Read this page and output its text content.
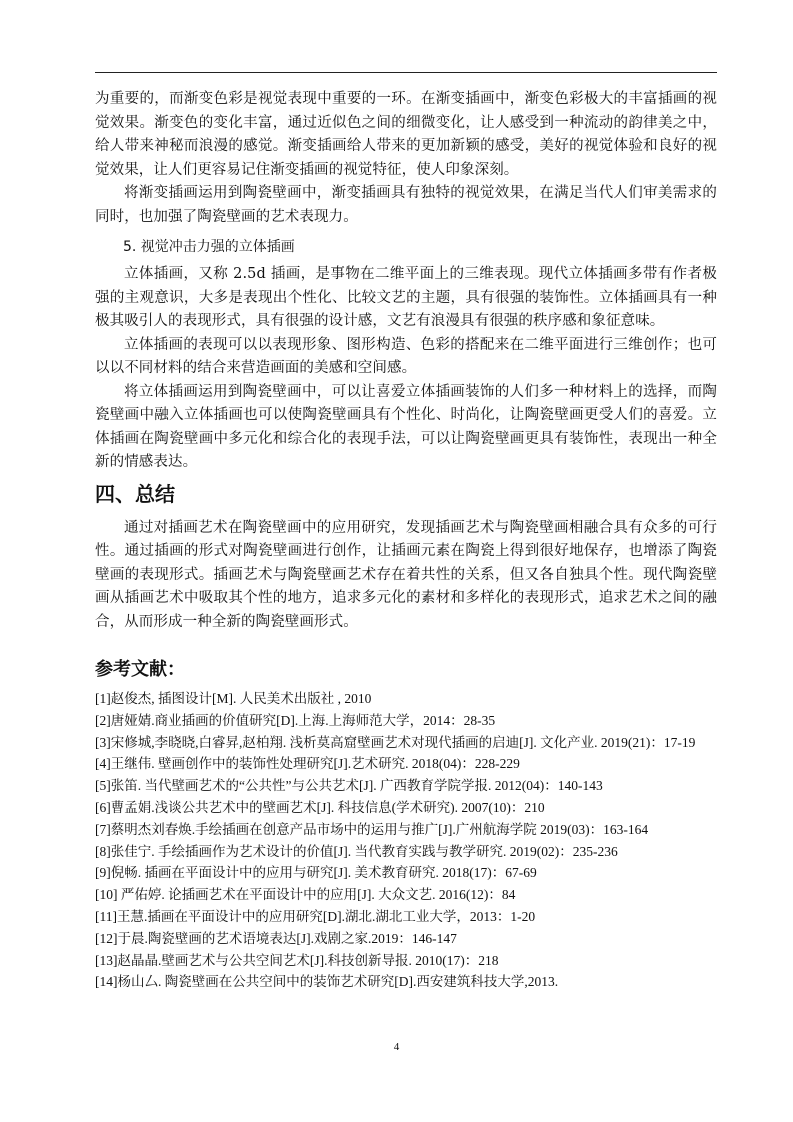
为重要的，而渐变色彩是视觉表现中重要的一环。在渐变插画中，渐变色彩极大的丰富插画的视觉效果。渐变色的变化丰富，通过近似色之间的细微变化，让人感受到一种流动的韵律美之中，给人带来神秘而浪漫的感觉。渐变插画给人带来的更加新颖的感受，美好的视觉体验和良好的视觉效果，让人们更容易记住渐变插画的视觉特征，使人印象深刻。

将渐变插画运用到陶瓷壁画中，渐变插画具有独特的视觉效果，在满足当代人们审美需求的同时，也加强了陶瓷壁画的艺术表现力。

5. 视觉冲击力强的立体插画

立体插画，又称 2.5d 插画，是事物在二维平面上的三维表现。现代立体插画多带有作者极强的主观意识，大多是表现出个性化、比较文艺的主题，具有很强的装饰性。立体插画具有一种极其吸引人的表现形式，具有很强的设计感，文艺有浪漫具有很强的秩序感和象征意味。

立体插画的表现可以以表现形象、图形构造、色彩的搭配来在二维平面进行三维创作；也可以以不同材料的结合来营造画面的美感和空间感。

将立体插画运用到陶瓷壁画中，可以让喜爱立体插画装饰的人们多一种材料上的选择，而陶瓷壁画中融入立体插画也可以使陶瓷壁画具有个性化、时尚化，让陶瓷壁画更受人们的喜爱。立体插画在陶瓷壁画中多元化和综合化的表现手法，可以让陶瓷壁画更具有装饰性，表现出一种全新的情感表达。

四、总结

通过对插画艺术在陶瓷壁画中的应用研究，发现插画艺术与陶瓷壁画相融合具有众多的可行性。通过插画的形式对陶瓷壁画进行创作，让插画元素在陶瓷上得到很好地保存，也增添了陶瓷壁画的表现形式。插画艺术与陶瓷壁画艺术存在着共性的关系，但又各自独具个性。现代陶瓷壁画从插画艺术中吸取其个性的地方，追求多元化的素材和多样化的表现形式，追求艺术之间的融合，从而形成一种全新的陶瓷壁画形式。

参考文献：

[1]赵俊杰, 插图设计[M]. 人民美术出版社 , 2010

[2]唐娅婧.商业插画的价值研究[D].上海.上海师范大学，2014：28-35

[3]宋修城,李晓晓,白睿昇,赵柏翔. 浅析莫高窟壁画艺术对现代插画的启迪[J]. 文化产业. 2019(21)：17-19

[4]王继伟. 壁画创作中的装饰性处理研究[J].艺术研究. 2018(04)：228-229

[5]张笛. 当代壁画艺术的“公共性”与公共艺术[J]. 广西教育学院学报. 2012(04)：140-143

[6]曹孟娟.浅谈公共艺术中的壁画艺术[J]. 科技信息(学术研究). 2007(10)：210

[7]蔡明杰刘春焕.手绘插画在创意产品市场中的运用与推广[J].广州航海学院 2019(03)：163-164

[8]张佳宁. 手绘插画作为艺术设计的价值[J]. 当代教育实践与教学研究. 2019(02)：235-236

[9]倪畅. 插画在平面设计中的应用与研究[J]. 美术教育研究. 2018(17)：67-69

[10] 严佑婷. 论插画艺术在平面设计中的应用[J]. 大众文艺. 2016(12)：84

[11]王慧.插画在平面设计中的应用研究[D].湖北.湖北工业大学，2013：1-20

[12]于晨.陶瓷壁画的艺术语境表达[J].戏剧之家.2019：146-147

[13]赵晶晶.壁画艺术与公共空间艺术[J].科技创新导报. 2010(17)：218

[14]杨山厶. 陶瓷壁画在公共空间中的装饰艺术研究[D].西安建筑科技大学,2013.

4
